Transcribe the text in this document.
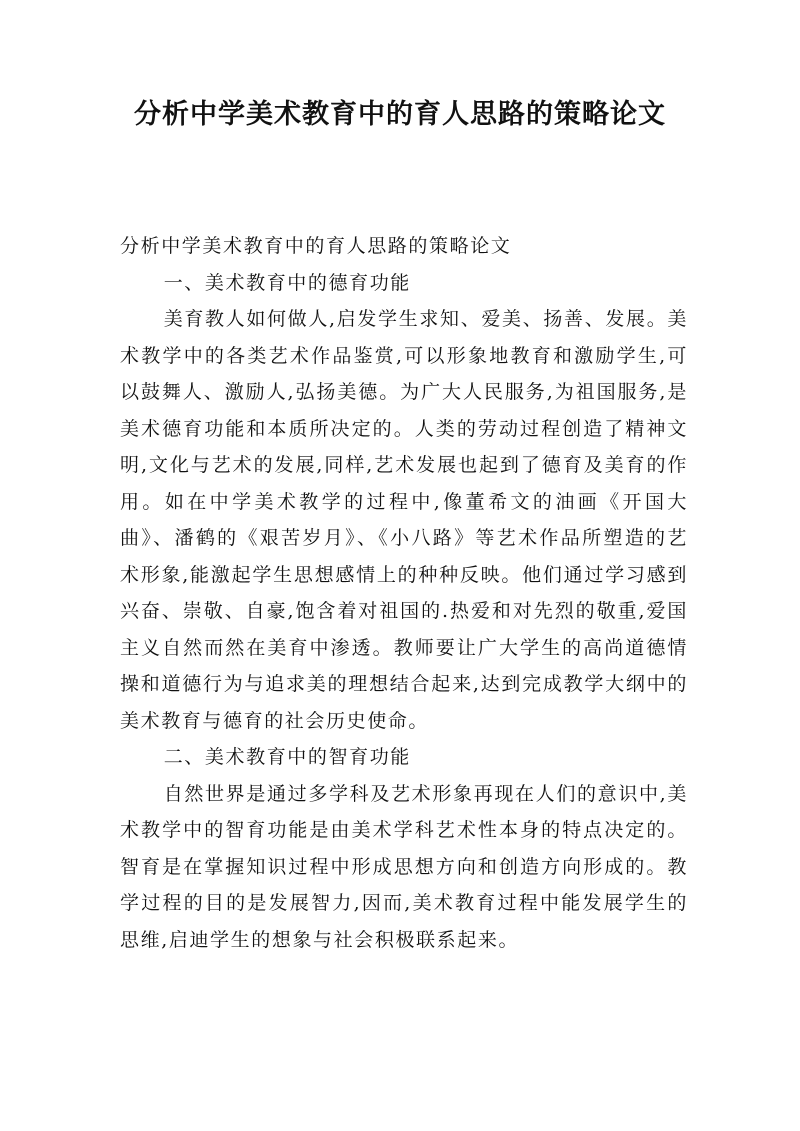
分析中学美术教育中的育人思路的策略论文

分析中学美术教育中的育人思路的策略论文

一、美术教育中的德育功能

美育教人如何做人,启发学生求知、爱美、扬善、发展。美术教学中的各类艺术作品鉴赏,可以形象地教育和激励学生,可以鼓舞人、激励人,弘扬美德。为广大人民服务,为祖国服务,是美术德育功能和本质所决定的。人类的劳动过程创造了精神文明,文化与艺术的发展,同样,艺术发展也起到了德育及美育的作用。如在中学美术教学的过程中,像董希文的油画《开国大曲》、潘鹤的《艰苦岁月》、《小八路》等艺术作品所塑造的艺术形象,能激起学生思想感情上的种种反映。他们通过学习感到兴奋、崇敬、自豪,饱含着对祖国的.热爱和对先烈的敬重,爱国主义自然而然在美育中渗透。教师要让广大学生的高尚道德情操和道德行为与追求美的理想结合起来,达到完成教学大纲中的美术教育与德育的社会历史使命。

二、美术教育中的智育功能

自然世界是通过多学科及艺术形象再现在人们的意识中,美术教学中的智育功能是由美术学科艺术性本身的特点决定的。智育是在掌握知识过程中形成思想方向和创造方向形成的。教学过程的目的是发展智力,因而,美术教育过程中能发展学生的思维,启迪学生的想象与社会积极联系起来。
